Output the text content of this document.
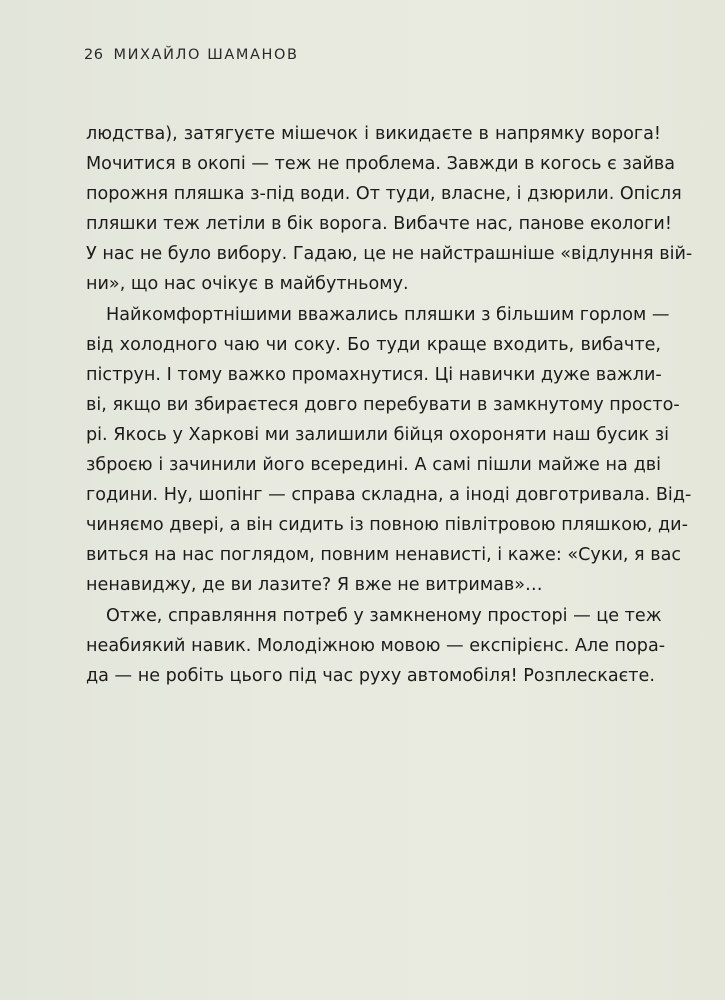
26 МИХАЙЛО ШАМАНОВ
людства), затягуєте мішечок і викидаєте в напрямку ворога!
Мочитися в окопі — теж не проблема. Завжди в когось є зайва
порожня пляшка з-під води. От туди, власне, і дзюрили. Опісля
пляшки теж летіли в бік ворога. Вибачте нас, панове екологи!
У нас не було вибору. Гадаю, це не найстрашніше «відлуння вій-
ни», що нас очікує в майбутньому.
Найкомфортнішими вважались пляшки з більшим горлом —
від холодного чаю чи соку. Бо туди краще входить, вибачте,
піструн. І тому важко промахнутися. Ці навички дуже важли-
ві, якщо ви збираєтеся довго перебувати в замкнутому просто-
рі. Якось у Харкові ми залишили бійця охороняти наш бусик зі
зброєю і зачинили його всередині. А самі пішли майже на дві
години. Ну, шопінг — справа складна, а іноді довготривала. Від-
чиняємо двері, а він сидить із повною півлітровою пляшкою, ди-
виться на нас поглядом, повним ненависті, і каже: «Суки, я вас
ненавиджу, де ви лазите? Я вже не витримав»…
Отже, справляння потреб у замкненому просторі — це теж
неабиякий навик. Молодіжною мовою — експірієнс. Але пора-
да — не робіть цього під час руху автомобіля! Розплескаєте.
